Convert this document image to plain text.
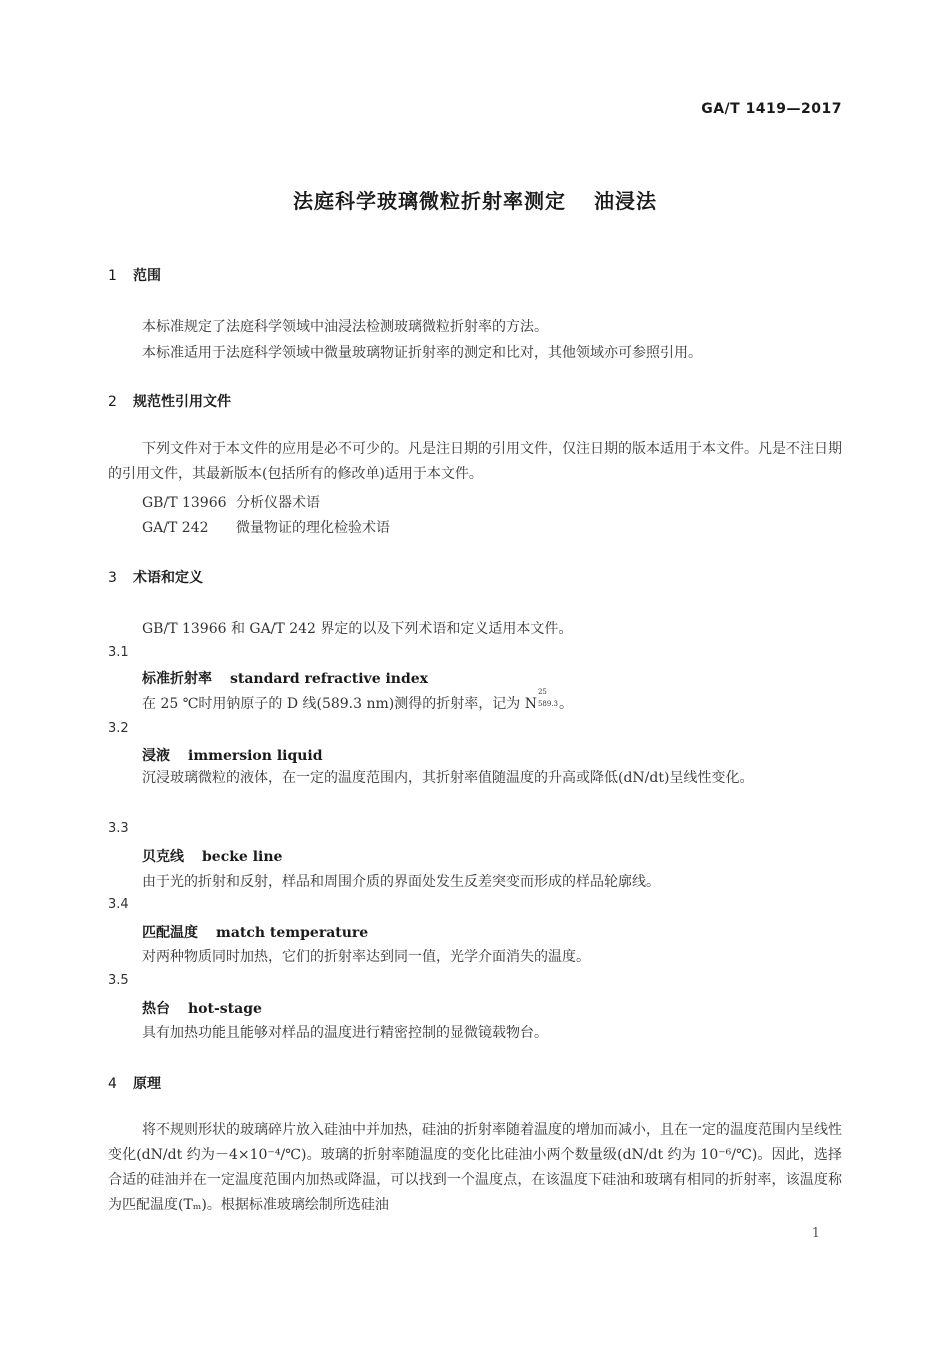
GA/T 1419—2017
法庭科学玻璃微粒折射率测定 油浸法
1 范围
本标准规定了法庭科学领域中油浸法检测玻璃微粒折射率的方法。
本标准适用于法庭科学领域中微量玻璃物证折射率的测定和比对，其他领域亦可参照引用。
2 规范性引用文件
下列文件对于本文件的应用是必不可少的。凡是注日期的引用文件，仅注日期的版本适用于本文件。凡是不注日期的引用文件，其最新版本(包括所有的修改单)适用于本文件。
GB/T 13966 分析仪器术语
GA/T 242 微量物证的理化检验术语
3 术语和定义
GB/T 13966 和 GA/T 242 界定的以及下列术语和定义适用本文件。
3.1
标准折射率 standard refractive index
在 25 ℃时用钠原子的 D 线(589.3 nm)测得的折射率，记为 N
25
589.3 。
3.2
浸液 immersion liquid
沉浸玻璃微粒的液体，在一定的温度范围内，其折射率值随温度的升高或降低(dN/dt)呈线性变化。
3.3
贝克线 becke line
由于光的折射和反射，样品和周围介质的界面处发生反差突变而形成的样品轮廓线。
3.4
匹配温度 match temperature
对两种物质同时加热，它们的折射率达到同一值，光学介面消失的温度。
3.5
热台 hot-stage
具有加热功能且能够对样品的温度进行精密控制的显微镜载物台。
4 原理
将不规则形状的玻璃碎片放入硅油中并加热，硅油的折射率随着温度的增加而减小，且在一定的温度范围内呈线性变化(dN/dt 约为－4×10⁻⁴/℃)。玻璃的折射率随温度的变化比硅油小两个数量级(dN/dt 约为 10⁻⁶/℃)。因此，选择合适的硅油并在一定温度范围内加热或降温，可以找到一个温度点，在该温度下硅油和玻璃有相同的折射率，该温度称为匹配温度(Tₘ)。根据标准玻璃绘制所选硅油
1
